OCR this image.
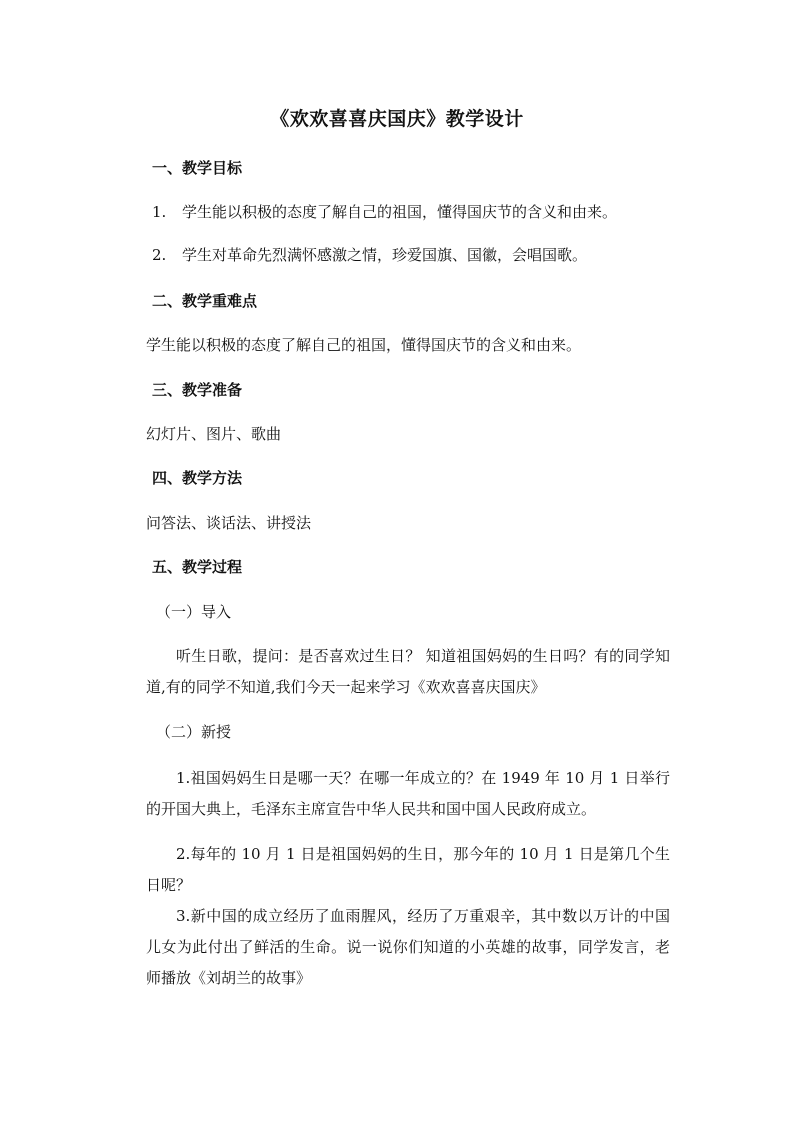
《欢欢喜喜庆国庆》教学设计
一、教学目标
1. 学生能以积极的态度了解自己的祖国，懂得国庆节的含义和由来。
2. 学生对革命先烈满怀感激之情，珍爱国旗、国徽，会唱国歌。
二、教学重难点
学生能以积极的态度了解自己的祖国，懂得国庆节的含义和由来。
三、教学准备
幻灯片、图片、歌曲
四、教学方法
问答法、谈话法、讲授法
五、教学过程
（一）导入
听生日歌，提问：是否喜欢过生日？ 知道祖国妈妈的生日吗？有的同学知道,有的同学不知道,我们今天一起来学习《欢欢喜喜庆国庆》
（二）新授
1.祖国妈妈生日是哪一天？在哪一年成立的？在 1949 年 10 月 1 日举行的开国大典上，毛泽东主席宣告中华人民共和国中国人民政府成立。
2.每年的 10 月 1 日是祖国妈妈的生日，那今年的 10 月 1 日是第几个生日呢？
3.新中国的成立经历了血雨腥风，经历了万重艰辛，其中数以万计的中国儿女为此付出了鲜活的生命。说一说你们知道的小英雄的故事，同学发言，老师播放《刘胡兰的故事》
